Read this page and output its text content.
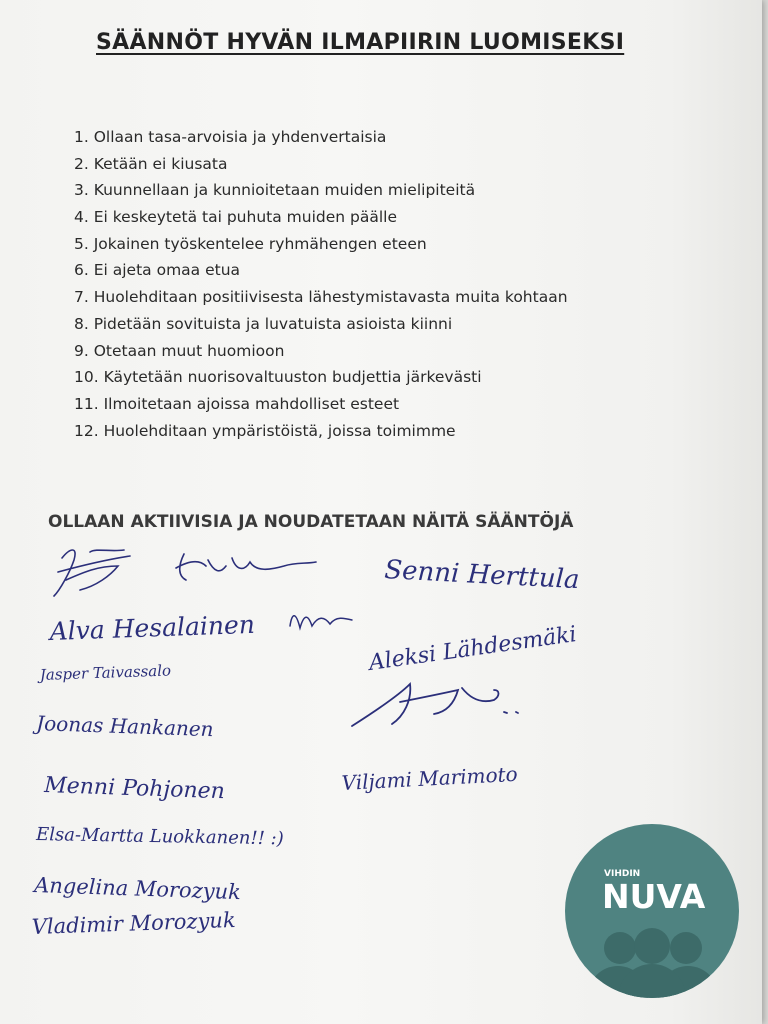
SÄÄNNÖT HYVÄN ILMAPIIRIN LUOMISEKSI
1. Ollaan tasa-arvoisia ja yhdenvertaisia
2. Ketään ei kiusata
3. Kuunnellaan ja kunnioitetaan muiden mielipiteitä
4. Ei keskeytetä tai puhuta muiden päälle
5. Jokainen työskentelee ryhmähengen eteen
6. Ei ajeta omaa etua
7. Huolehditaan positiivisesta lähestymistavasta muita kohtaan
8. Pidetään sovituista ja luvatuista asioista kiinni
9. Otetaan muut huomioon
10. Käytetään nuorisovaltuuston budjettia järkevästi
11. Ilmoitetaan ajoissa mahdolliset esteet
12. Huolehditaan ympäristöistä, joissa toimimme
OLLAAN AKTIIVISIA JA NOUDATETAAN NÄITÄ SÄÄNTÖJÄ
Senni Herttula
Alva Hesalainen	Aleksi Lähdesmäki
Jasper Taivassalo
Joonas Hankanen
Menni Pohjonen	Viljami Marimoto
Elsa-Martta Luokkanen!! :)
Angelina Morozyuk
Vladimir Morozyuk
VIHDIN
NUVA
